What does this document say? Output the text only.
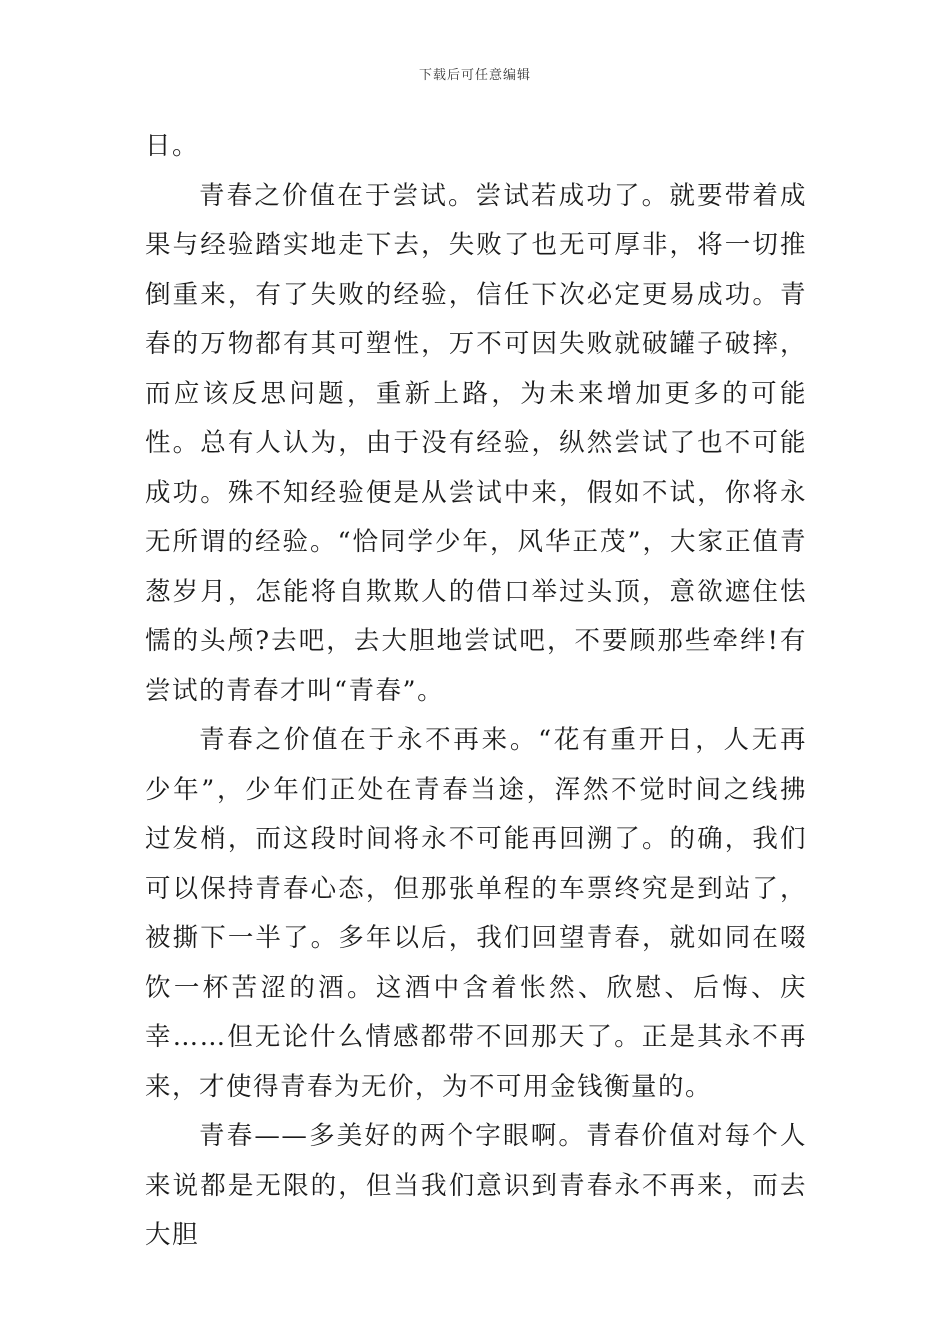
下载后可任意编辑

日。

青春之价值在于尝试。尝试若成功了。就要带着成果与经验踏实地走下去，失败了也无可厚非，将一切推倒重来，有了失败的经验，信任下次必定更易成功。青春的万物都有其可塑性，万不可因失败就破罐子破摔，而应该反思问题，重新上路，为未来增加更多的可能性。总有人认为，由于没有经验，纵然尝试了也不可能成功。殊不知经验便是从尝试中来，假如不试，你将永无所谓的经验。“恰同学少年，风华正茂”，大家正值青葱岁月，怎能将自欺欺人的借口举过头顶，意欲遮住怯懦的头颅?去吧，去大胆地尝试吧，不要顾那些牵绊!有尝试的青春才叫“青春”。

青春之价值在于永不再来。“花有重开日，人无再少年”，少年们正处在青春当途，浑然不觉时间之线拂过发梢，而这段时间将永不可能再回溯了。的确，我们可以保持青春心态，但那张单程的车票终究是到站了，被撕下一半了。多年以后，我们回望青春，就如同在啜饮一杯苦涩的酒。这酒中含着怅然、欣慰、后悔、庆幸……但无论什么情感都带不回那天了。正是其永不再来，才使得青春为无价，为不可用金钱衡量的。

青春——多美好的两个字眼啊。青春价值对每个人来说都是无限的，但当我们意识到青春永不再来，而去大胆
